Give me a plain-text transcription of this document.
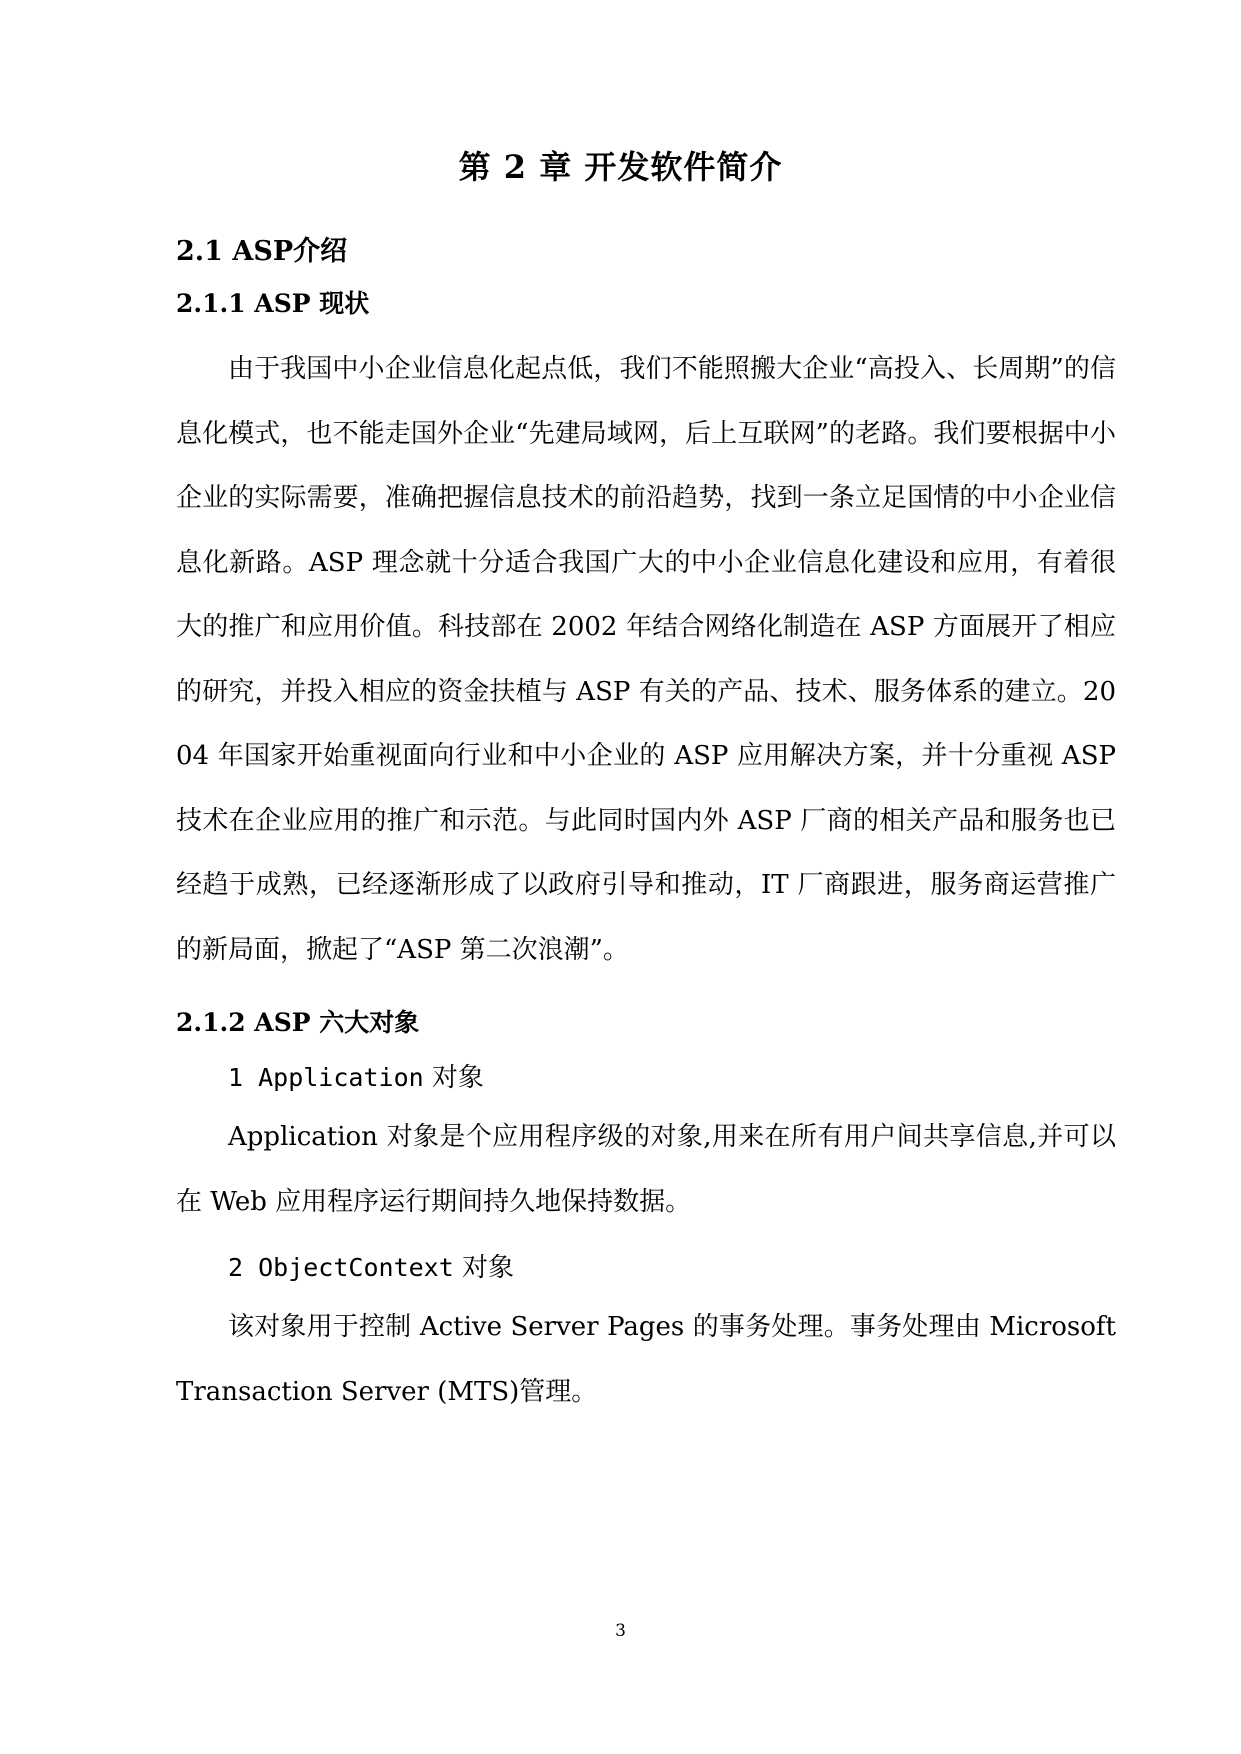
第 2 章 开发软件简介
2.1 ASP介绍
2.1.1 ASP 现状

由于我国中小企业信息化起点低，我们不能照搬大企业“高投入、长周期”的信息化模式，也不能走国外企业“先建局域网，后上互联网”的老路。我们要根据中小企业的实际需要，准确把握信息技术的前沿趋势，找到一条立足国情的中小企业信息化新路。ASP 理念就十分适合我国广大的中小企业信息化建设和应用，有着很大的推广和应用价值。科技部在 2002 年结合网络化制造在 ASP 方面展开了相应的研究，并投入相应的资金扶植与 ASP 有关的产品、技术、服务体系的建立。2004 年国家开始重视面向行业和中小企业的 ASP 应用解决方案，并十分重视 ASP 技术在企业应用的推广和示范。与此同时国内外 ASP 厂商的相关产品和服务也已经趋于成熟，已经逐渐形成了以政府引导和推动，IT 厂商跟进，服务商运营推广的新局面，掀起了“ASP 第二次浪潮”。

2.1.2 ASP 六大对象

1 Application 对象

Application 对象是个应用程序级的对象,用来在所有用户间共享信息,并可以在 Web 应用程序运行期间持久地保持数据。

2 ObjectContext 对象

该对象用于控制 Active Server Pages 的事务处理。事务处理由 Microsoft Transaction Server (MTS)管理。

3
